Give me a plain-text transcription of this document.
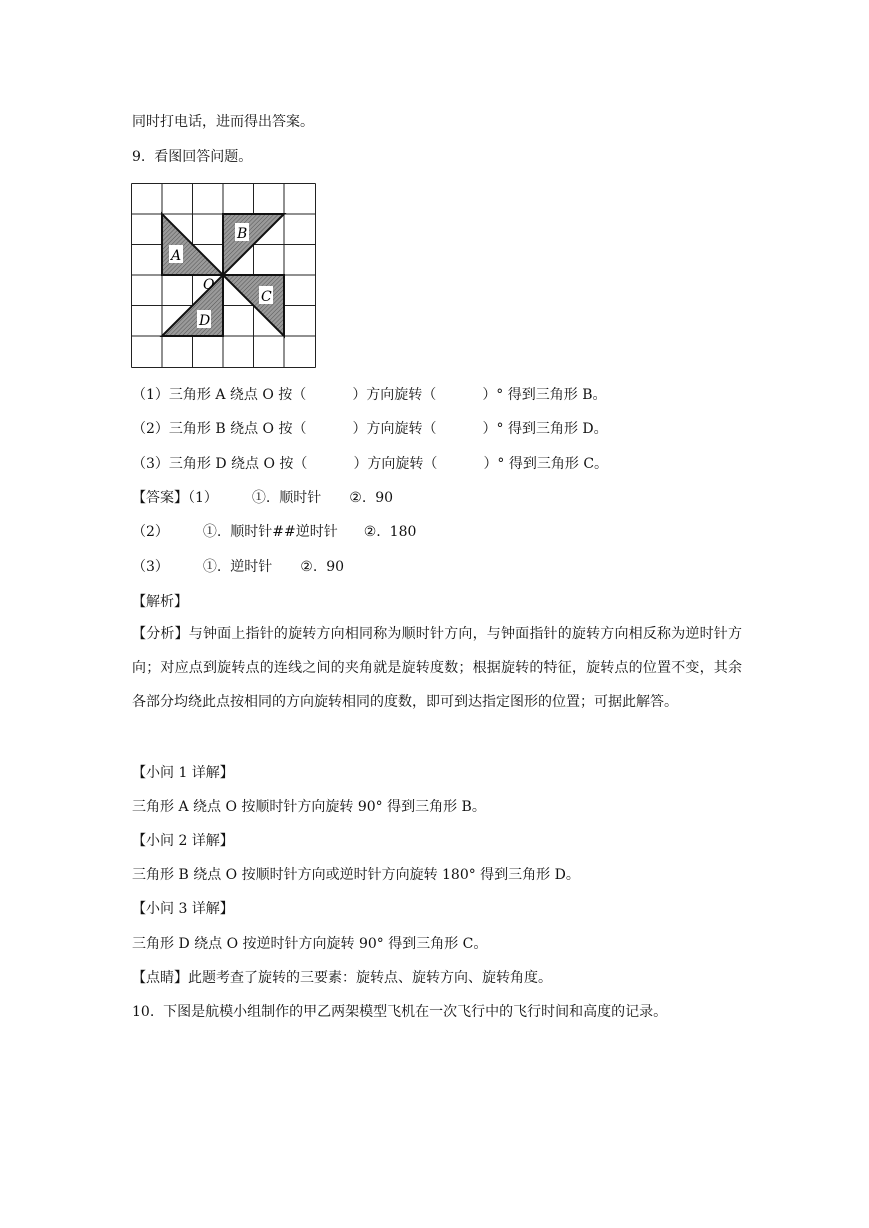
同时打电话，进而得出答案。
9. 看图回答问题。
A
B
C
D
O
（1）三角形 A 绕点 O 按（	）方向旋转（	）° 得到三角形 B。
（2）三角形 B 绕点 O 按（	）方向旋转（	）° 得到三角形 D。
（3）三角形 D 绕点 O 按（	）方向旋转（	）° 得到三角形 C。
【答案】（1） ①. 顺时针 ②. 90
（2） ①. 顺时针##逆时针 ②. 180
（3） ①. 逆时针 ②. 90
【解析】
【分析】与钟面上指针的旋转方向相同称为顺时针方向，与钟面指针的旋转方向相反称为逆时针方向；对应点到旋转点的连线之间的夹角就是旋转度数；根据旋转的特征，旋转点的位置不变，其余各部分均绕此点按相同的方向旋转相同的度数，即可到达指定图形的位置；可据此解答。
【小问 1 详解】
三角形 A 绕点 O 按顺时针方向旋转 90° 得到三角形 B。
【小问 2 详解】
三角形 B 绕点 O 按顺时针方向或逆时针方向旋转 180° 得到三角形 D。
【小问 3 详解】
三角形 D 绕点 O 按逆时针方向旋转 90° 得到三角形 C。
【点睛】此题考查了旋转的三要素：旋转点、旋转方向、旋转角度。
10. 下图是航模小组制作的甲乙两架模型飞机在一次飞行中的飞行时间和高度的记录。
